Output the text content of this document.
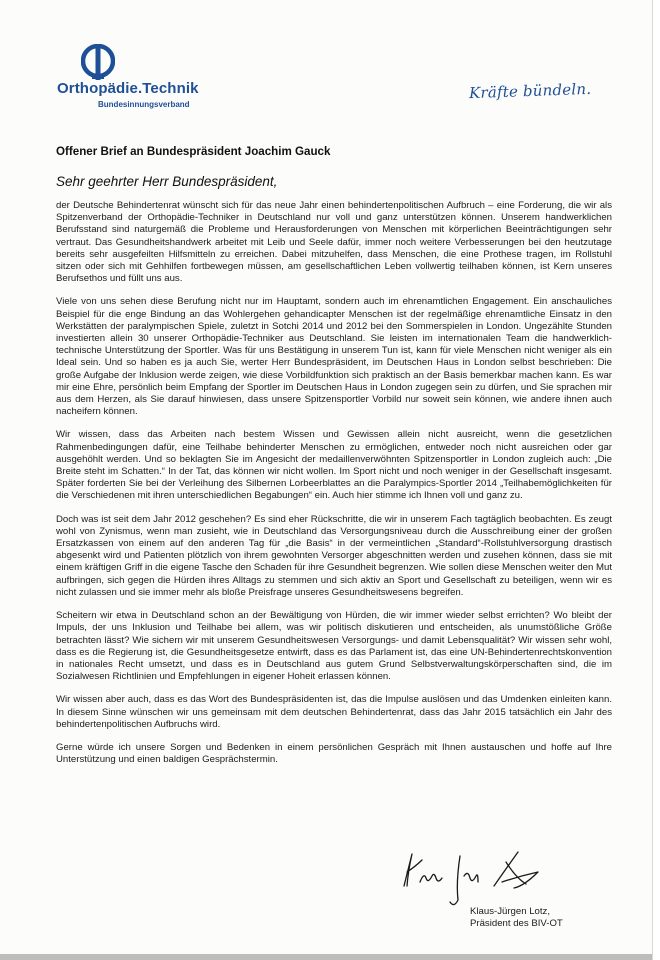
Orthopädie.Technik
Bundesinnungsverband
Kräfte bündeln.
Offener Brief an Bundespräsident Joachim Gauck
Sehr geehrter Herr Bundespräsident,

der Deutsche Behindertenrat wünscht sich für das neue Jahr einen behindertenpolitischen Aufbruch – eine Forderung, die wir als Spitzenverband der Orthopädie-Techniker in Deutschland nur voll und ganz unterstützen können. Unserem handwerklichen Berufsstand sind naturgemäß die Probleme und Herausforderungen von Menschen mit körperlichen Beeinträchtigungen sehr vertraut. Das Gesundheitshandwerk arbeitet mit Leib und Seele dafür, immer noch weitere Verbesserungen bei den heutzutage bereits sehr ausgefeilten Hilfsmitteln zu erreichen. Dabei mitzuhelfen, dass Menschen, die eine Prothese tragen, im Rollstuhl sitzen oder sich mit Gehhilfen fortbewegen müssen, am gesellschaftlichen Leben vollwertig teilhaben können, ist Kern unseres Berufsethos und füllt uns aus.

Viele von uns sehen diese Berufung nicht nur im Hauptamt, sondern auch im ehrenamtlichen Engagement. Ein anschauliches Beispiel für die enge Bindung an das Wohlergehen gehandicapter Menschen ist der regelmäßige ehrenamtliche Einsatz in den Werkstätten der paralympischen Spiele, zuletzt in Sotchi 2014 und 2012 bei den Sommerspielen in London. Ungezählte Stunden investierten allein 30 unserer Orthopädie-Techniker aus Deutschland. Sie leisten im internationalen Team die handwerklich-technische Unterstützung der Sportler. Was für uns Bestätigung in unserem Tun ist, kann für viele Menschen nicht weniger als ein Ideal sein. Und so haben es ja auch Sie, werter Herr Bundespräsident, im Deutschen Haus in London selbst beschrieben: Die große Aufgabe der Inklusion werde zeigen, wie diese Vorbildfunktion sich praktisch an der Basis bemerkbar machen kann. Es war mir eine Ehre, persönlich beim Empfang der Sportler im Deutschen Haus in London zugegen sein zu dürfen, und Sie sprachen mir aus dem Herzen, als Sie darauf hinwiesen, dass unsere Spitzensportler Vorbild nur soweit sein können, wie andere ihnen auch nacheifern können.

Wir wissen, dass das Arbeiten nach bestem Wissen und Gewissen allein nicht ausreicht, wenn die gesetzlichen Rahmenbedingungen dafür, eine Teilhabe behinderter Menschen zu ermöglichen, entweder noch nicht ausreichen oder gar ausgehöhlt werden. Und so beklagten Sie im Angesicht der medaillenverwöhnten Spitzensportler in London zugleich auch: „Die Breite steht im Schatten.“ In der Tat, das können wir nicht wollen. Im Sport nicht und noch weniger in der Gesellschaft insgesamt. Später forderten Sie bei der Verleihung des Silbernen Lorbeerblattes an die Paralympics-Sportler 2014 „Teilhabemöglichkeiten für die Verschiedenen mit ihren unterschiedlichen Begabungen“ ein. Auch hier stimme ich Ihnen voll und ganz zu.

Doch was ist seit dem Jahr 2012 geschehen? Es sind eher Rückschritte, die wir in unserem Fach tagtäglich beobachten. Es zeugt wohl von Zynismus, wenn man zusieht, wie in Deutschland das Versorgungsniveau durch die Ausschreibung einer der großen Ersatzkassen von einem auf den anderen Tag für „die Basis“ in der vermeintlichen „Standard“-Rollstuhlversorgung drastisch abgesenkt wird und Patienten plötzlich von ihrem gewohnten Versorger abgeschnitten werden und zusehen können, dass sie mit einem kräftigen Griff in die eigene Tasche den Schaden für ihre Gesundheit begrenzen. Wie sollen diese Menschen weiter den Mut aufbringen, sich gegen die Hürden ihres Alltags zu stemmen und sich aktiv an Sport und Gesellschaft zu beteiligen, wenn wir es nicht zulassen und sie immer mehr als bloße Preisfrage unseres Gesundheitswesens begreifen.

Scheitern wir etwa in Deutschland schon an der Bewältigung von Hürden, die wir immer wieder selbst errichten? Wo bleibt der Impuls, der uns Inklusion und Teilhabe bei allem, was wir politisch diskutieren und entscheiden, als unumstößliche Größe betrachten lässt? Wie sichern wir mit unserem Gesundheitswesen Versorgungs- und damit Lebensqualität? Wir wissen sehr wohl, dass es die Regierung ist, die Gesundheitsgesetze entwirft, dass es das Parlament ist, das eine UN-Behindertenrechtskonvention in nationales Recht umsetzt, und dass es in Deutschland aus gutem Grund Selbstverwaltungskörperschaften sind, die im Sozialwesen Richtlinien und Empfehlungen in eigener Hoheit erlassen können.

Wir wissen aber auch, dass es das Wort des Bundespräsidenten ist, das die Impulse auslösen und das Umdenken einleiten kann. In diesem Sinne wünschen wir uns gemeinsam mit dem deutschen Behindertenrat, dass das Jahr 2015 tatsächlich ein Jahr des behindertenpolitischen Aufbruchs wird.

Gerne würde ich unsere Sorgen und Bedenken in einem persönlichen Gespräch mit Ihnen austauschen und hoffe auf Ihre Unterstützung und einen baldigen Gesprächstermin.

Klaus-Jürgen Lotz,
Präsident des BIV-OT
